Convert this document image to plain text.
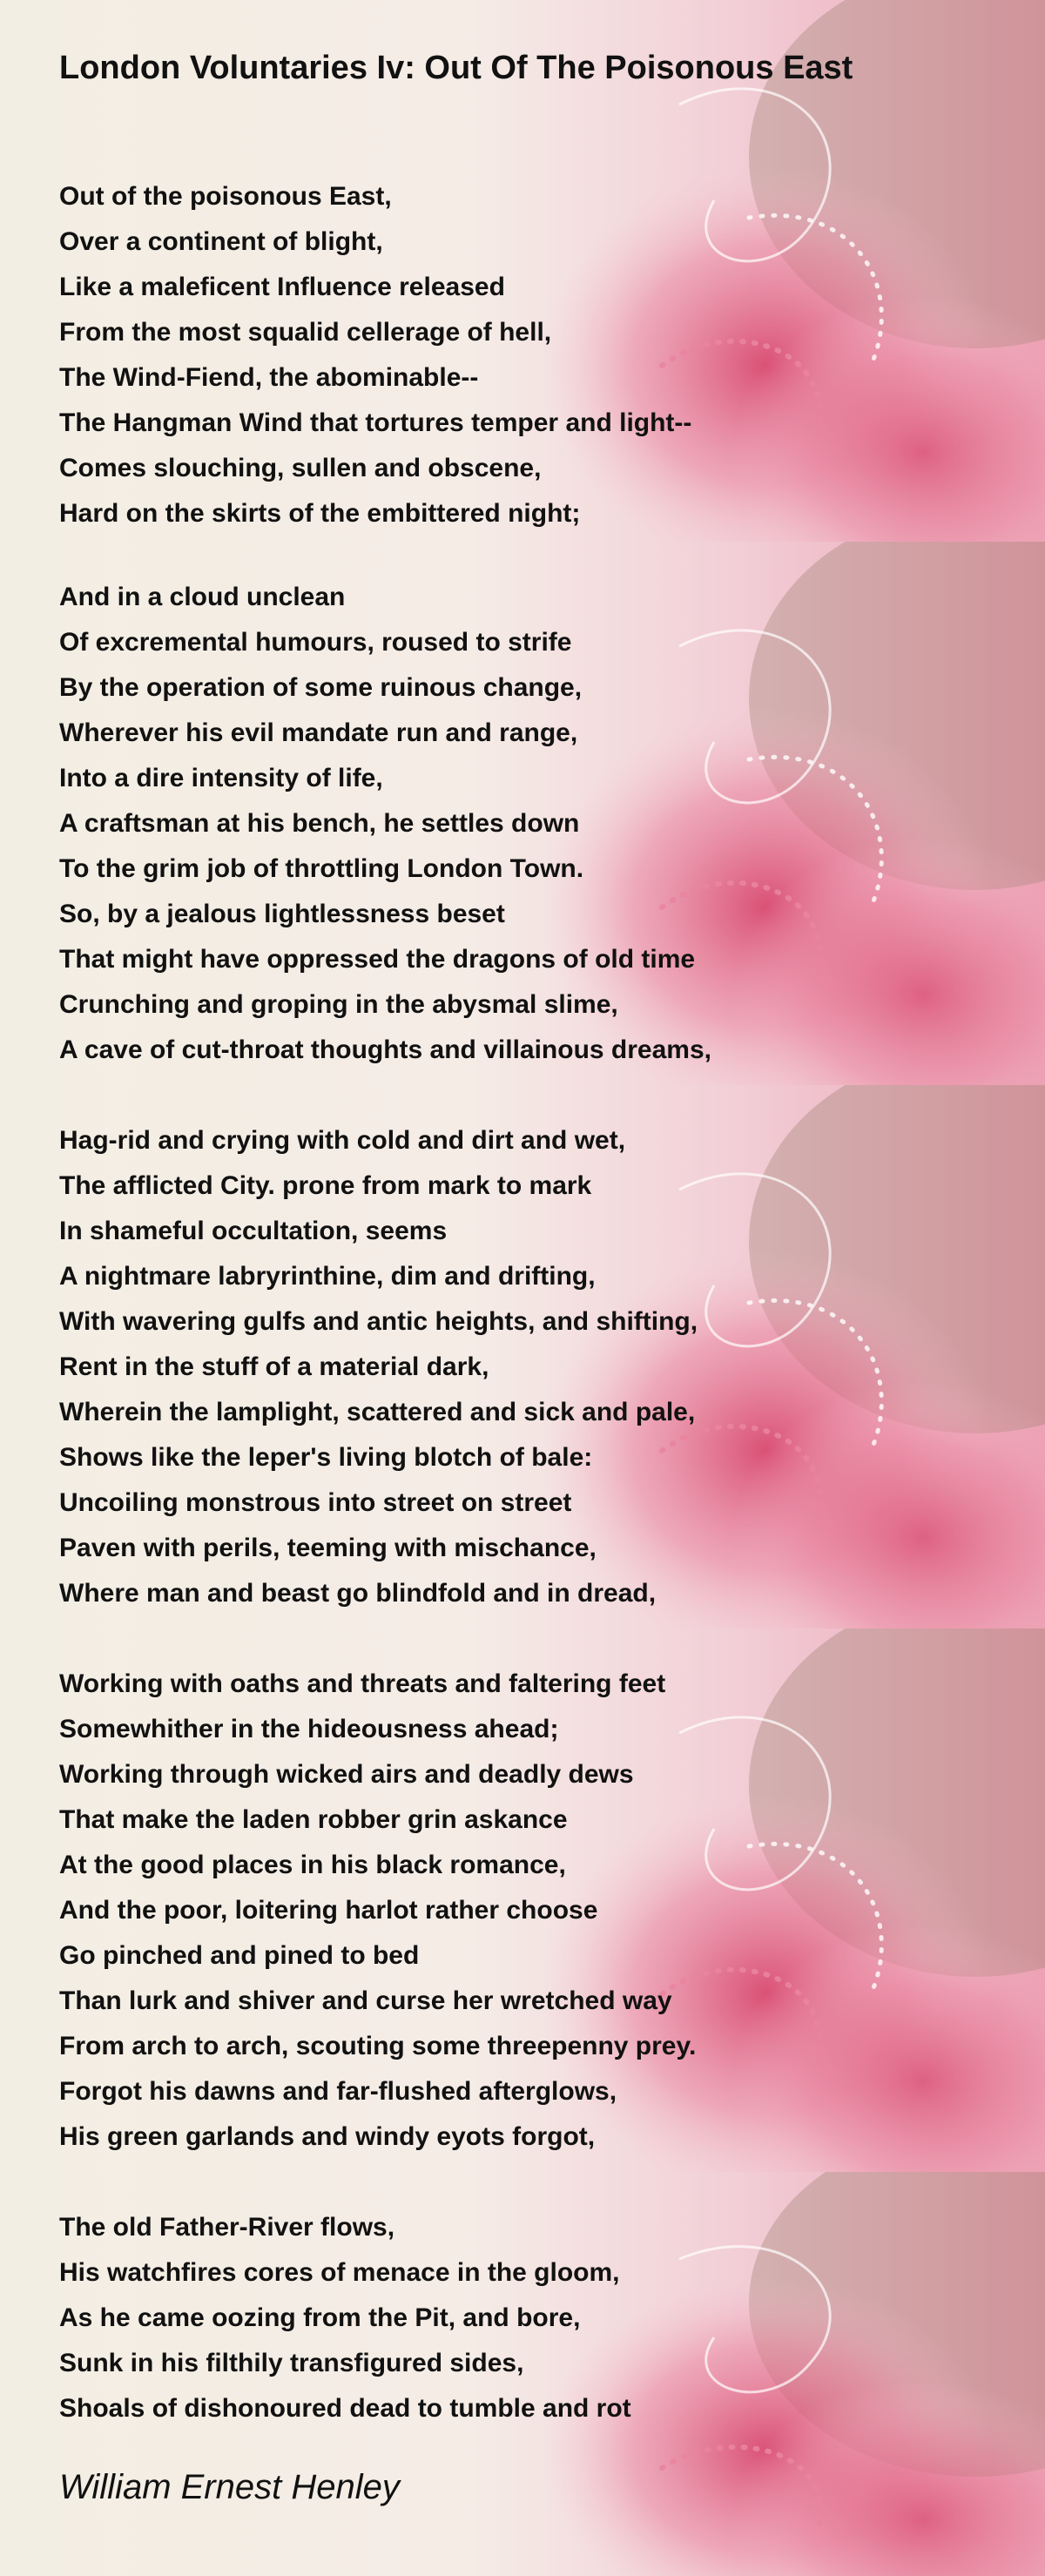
London Voluntaries Iv: Out Of The Poisonous East

Out of the poisonous East,

Over a continent of blight,

Like a maleficent Influence released

From the most squalid cellerage of hell,

The Wind-Fiend, the abominable--

The Hangman Wind that tortures temper and light--

Comes slouching, sullen and obscene,

Hard on the skirts of the embittered night;

And in a cloud unclean

Of excremental humours, roused to strife

By the operation of some ruinous change,

Wherever his evil mandate run and range,

Into a dire intensity of life,

A craftsman at his bench, he settles down

To the grim job of throttling London Town.

So, by a jealous lightlessness beset

That might have oppressed the dragons of old time

Crunching and groping in the abysmal slime,

A cave of cut-throat thoughts and villainous dreams,

Hag-rid and crying with cold and dirt and wet,

The afflicted City. prone from mark to mark

In shameful occultation, seems

A nightmare labryrinthine, dim and drifting,

With wavering gulfs and antic heights, and shifting,

Rent in the stuff of a material dark,

Wherein the lamplight, scattered and sick and pale,

Shows like the leper's living blotch of bale:

Uncoiling monstrous into street on street

Paven with perils, teeming with mischance,

Where man and beast go blindfold and in dread,

Working with oaths and threats and faltering feet

Somewhither in the hideousness ahead;

Working through wicked airs and deadly dews

That make the laden robber grin askance

At the good places in his black romance,

And the poor, loitering harlot rather choose

Go pinched and pined to bed

Than lurk and shiver and curse her wretched way

From arch to arch, scouting some threepenny prey.

Forgot his dawns and far-flushed afterglows,

His green garlands and windy eyots forgot,

The old Father-River flows,

His watchfires cores of menace in the gloom,

As he came oozing from the Pit, and bore,

Sunk in his filthily transfigured sides,

Shoals of dishonoured dead to tumble and rot

William Ernest Henley
